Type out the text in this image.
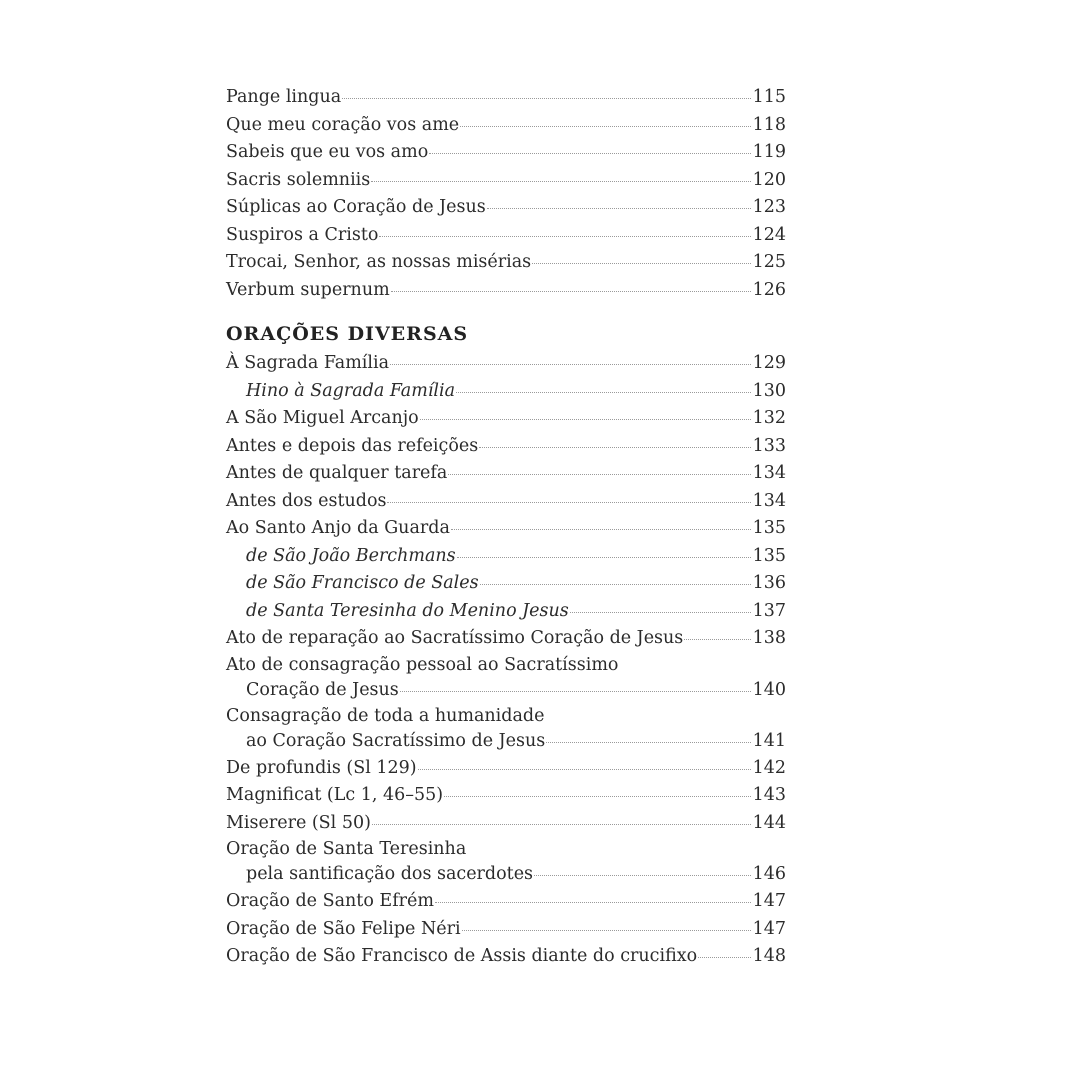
Pange lingua	115
Que meu coração vos ame	118
Sabeis que eu vos amo	119
Sacris solemniis	120
Súplicas ao Coração de Jesus	123
Suspiros a Cristo	124
Trocai, Senhor, as nossas misérias	125
Verbum supernum	126
ORAÇÕES DIVERSAS
À Sagrada Família	129
Hino à Sagrada Família	130
A São Miguel Arcanjo	132
Antes e depois das refeições	133
Antes de qualquer tarefa	134
Antes dos estudos	134
Ao Santo Anjo da Guarda	135
de São João Berchmans	135
de São Francisco de Sales	136
de Santa Teresinha do Menino Jesus	137
Ato de reparação ao Sacratíssimo Coração de Jesus	138
Ato de consagração pessoal ao Sacratíssimo
Coração de Jesus	140
Consagração de toda a humanidade
ao Coração Sacratíssimo de Jesus	141
De profundis (Sl 129)	142
Magnificat (Lc 1, 46–55)	143
Miserere (Sl 50)	144
Oração de Santa Teresinha
pela santificação dos sacerdotes	146
Oração de Santo Efrém	147
Oração de São Felipe Néri	147
Oração de São Francisco de Assis diante do crucifixo	148
